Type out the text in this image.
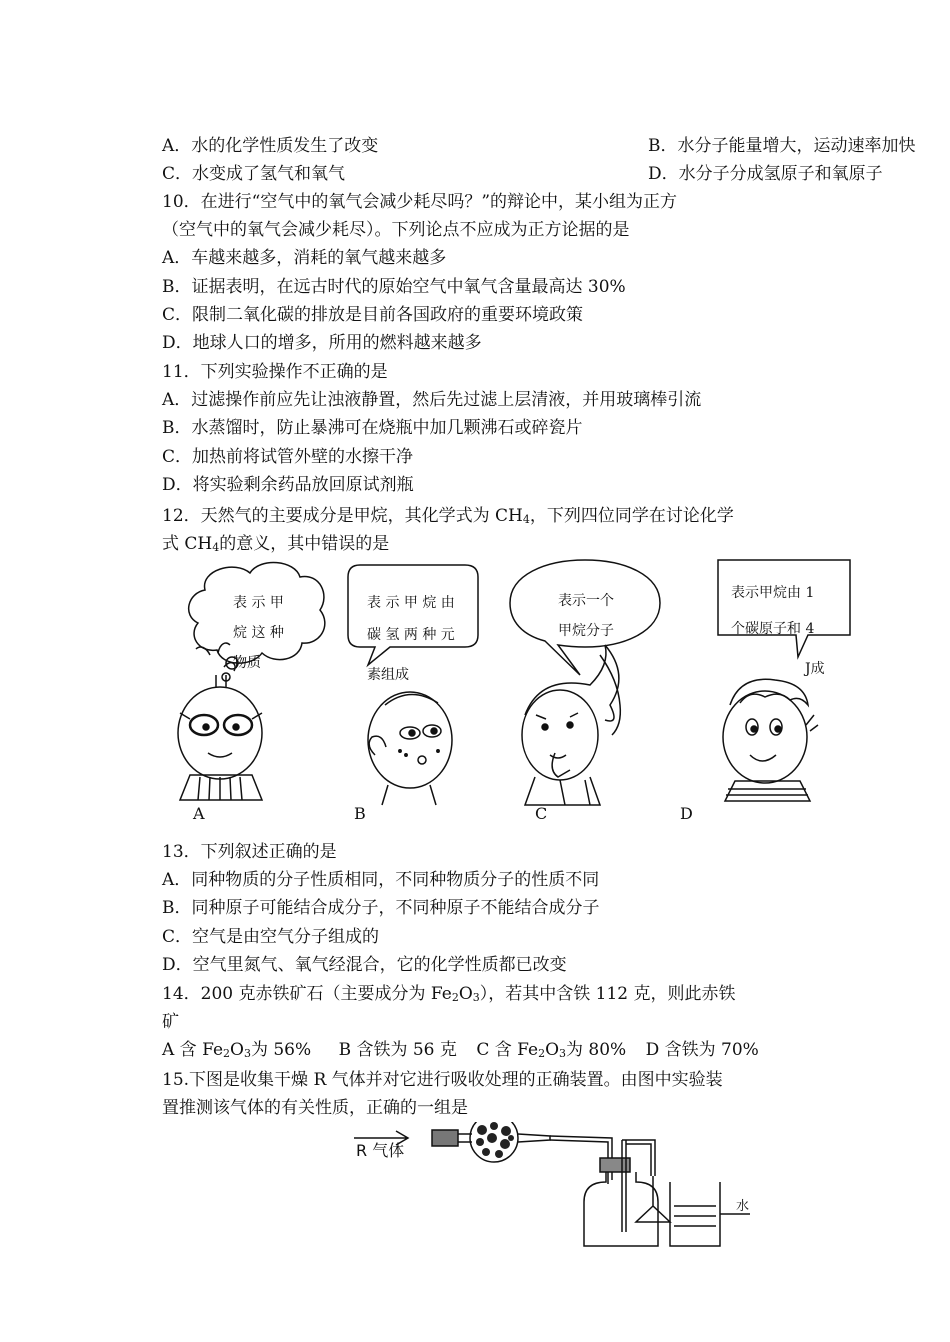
A．水的化学性质发生了改变	B．水分子能量增大，运动速率加快
C．水变成了氢气和氧气	D．水分子分成氢原子和氧原子
10．在进行“空气中的氧气会减少耗尽吗？”的辩论中，某小组为正方
（空气中的氧气会减少耗尽）。下列论点不应成为正方论据的是
A．车越来越多，消耗的氧气越来越多
B．证据表明，在远古时代的原始空气中氧气含量最高达 30%
C．限制二氧化碳的排放是目前各国政府的重要环境政策
D．地球人口的增多，所用的燃料越来越多
11．下列实验操作不正确的是
A．过滤操作前应先让浊液静置，然后先过滤上层清液，并用玻璃棒引流
B．水蒸馏时，防止暴沸可在烧瓶中加几颗沸石或碎瓷片
C．加热前将试管外壁的水擦干净
D．将实验剩余药品放回原试剂瓶
12．天然气的主要成分是甲烷，其化学式为 $CH_4$，下列四位同学在讨论化学
式 $CH_4$的意义，其中错误的是
表 示 甲
烷 这 种
物质
表 示 甲 烷 由
碳 氢 两 种 元
素组成
表示一个
甲烷分子
表示甲烷由 1
个碳原子和 4
J成
A	B	C	D
13．下列叙述正确的是
A．同种物质的分子性质相同，不同种物质分子的性质不同
B．同种原子可能结合成分子，不同种原子不能结合成分子
C．空气是由空气分子组成的
D．空气里氮气、氧气经混合，它的化学性质都已改变
14．200 克赤铁矿石（主要成分为 $Fe_2O_3$），若其中含铁 112 克，则此赤铁
矿
A 含 $Fe_2O_3$为 56% B 含铁为 56 克 C 含 $Fe_2O_3$为 80% D 含铁为 70%
15.下图是收集干燥 R 气体并对它进行吸收处理的正确装置。由图中实验装
置推测该气体的有关性质，正确的一组是
R 气体
水
